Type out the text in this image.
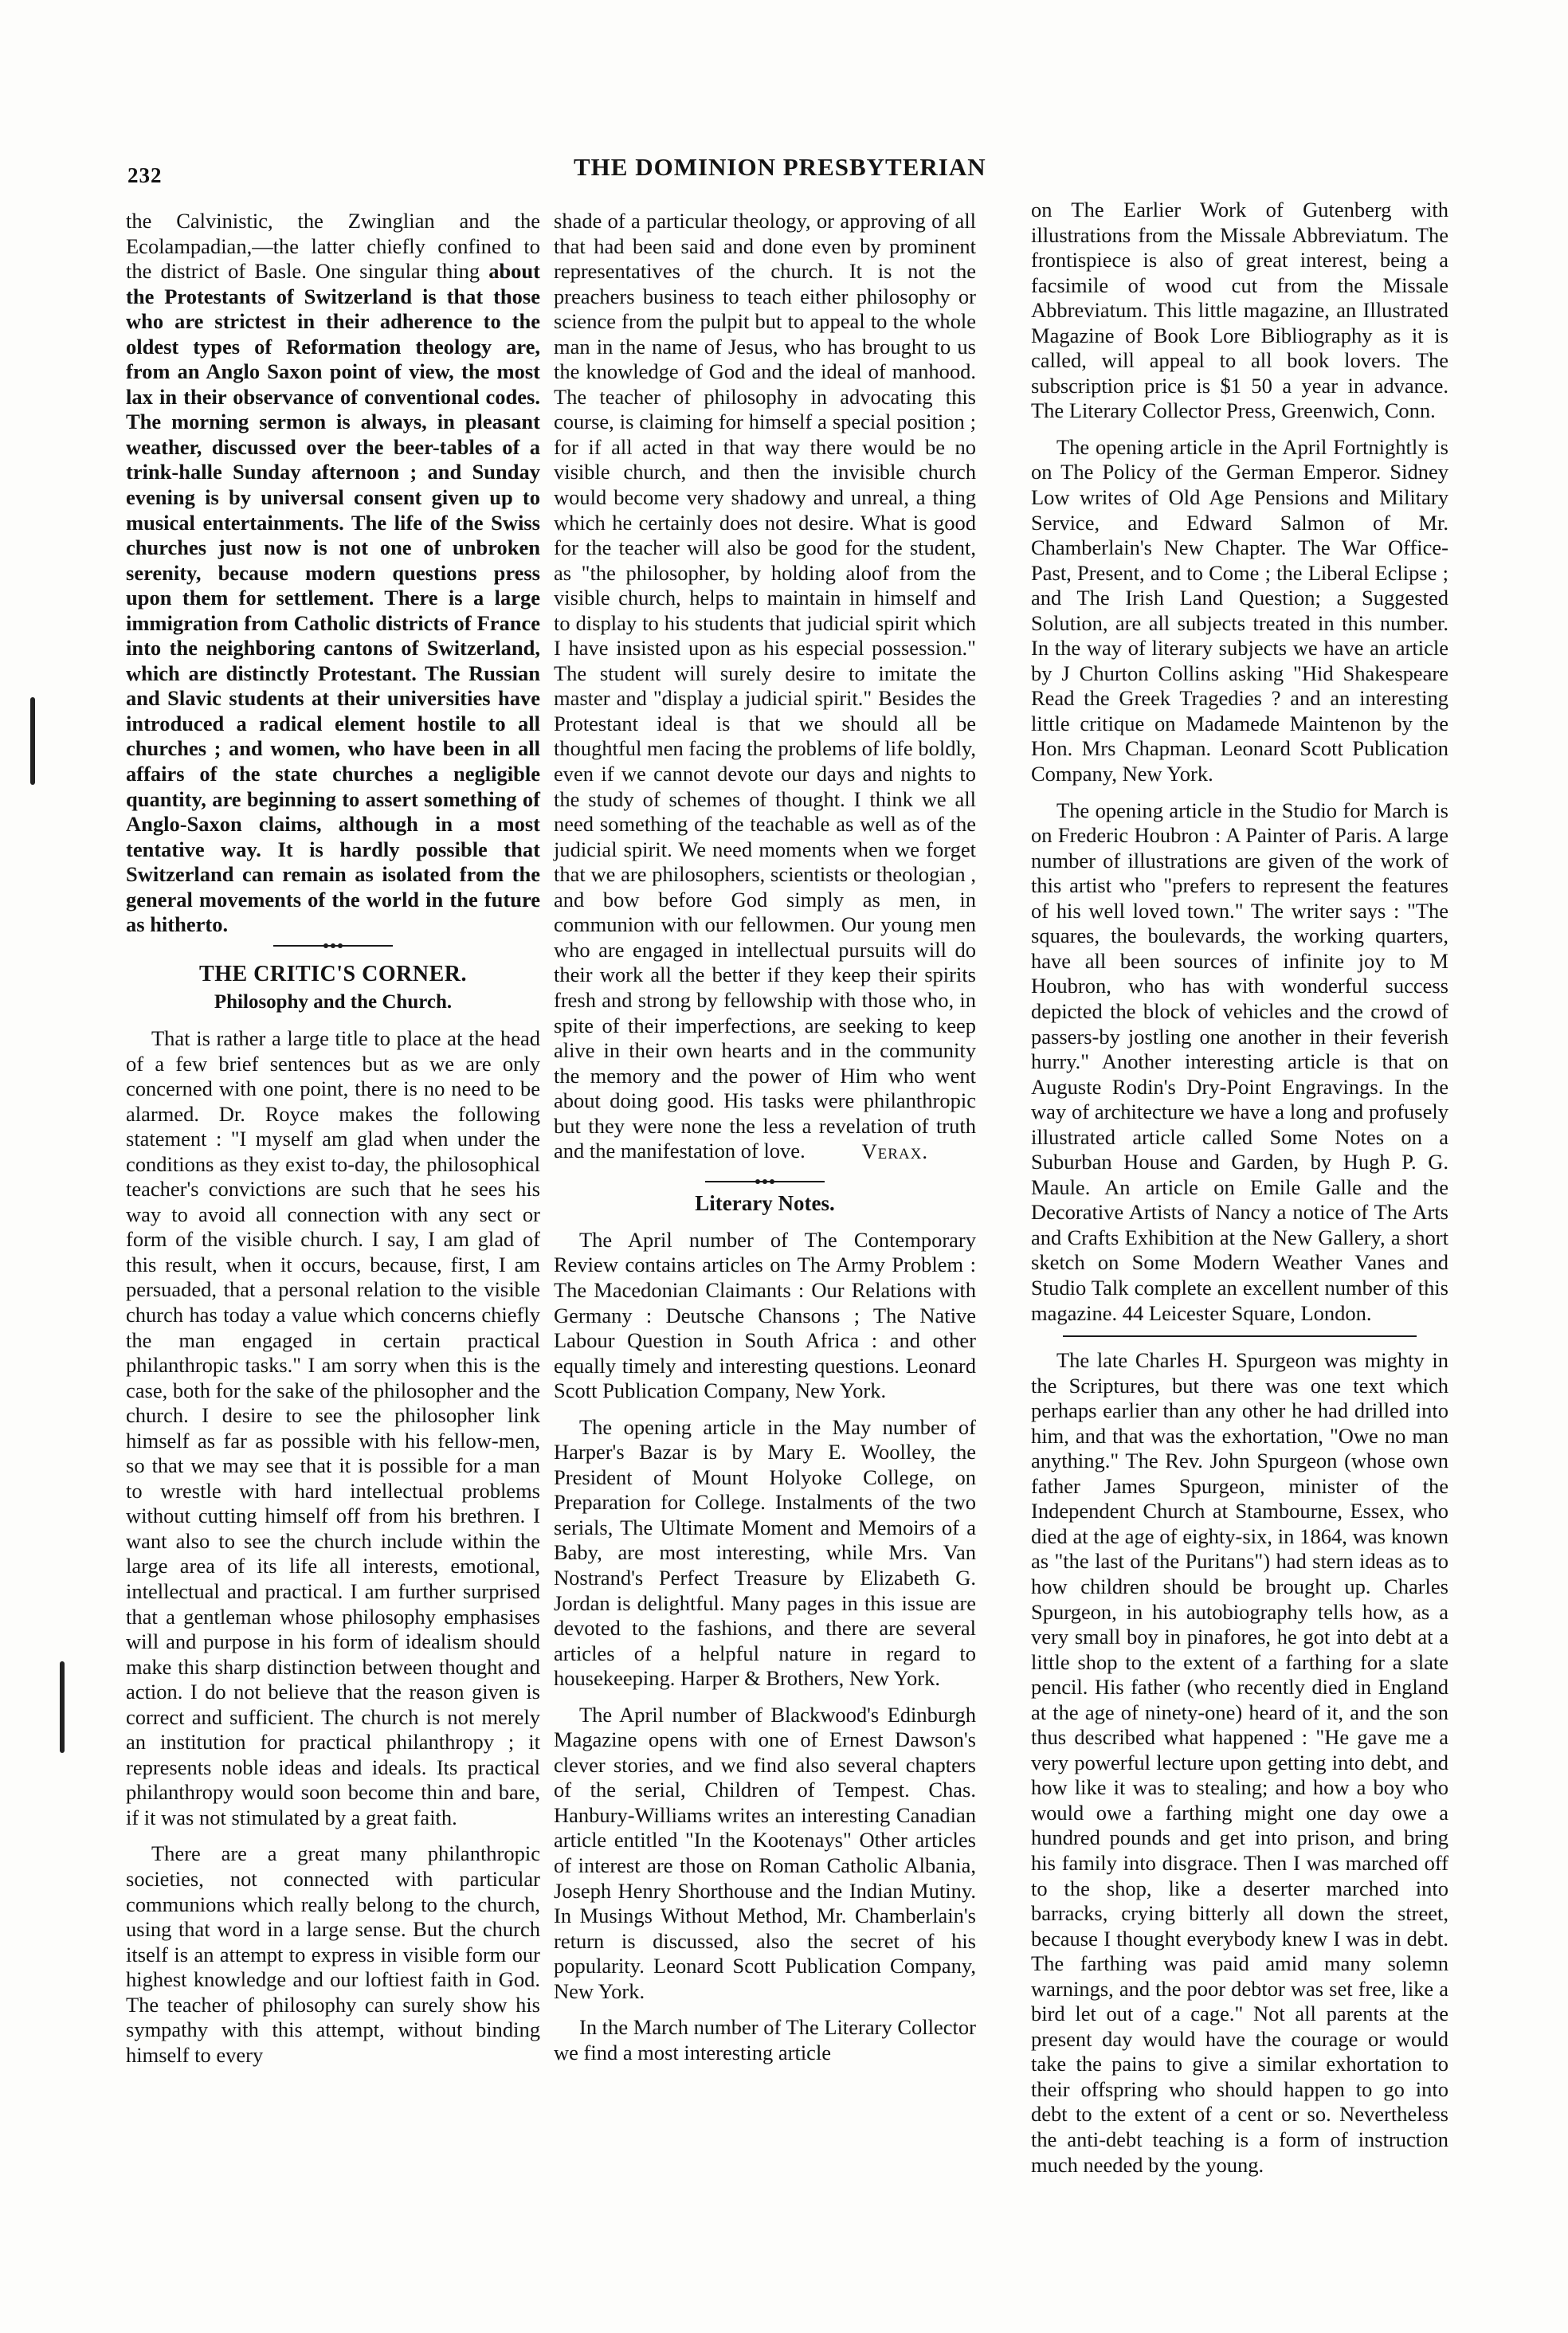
232	THE DOMINION PRESBYTERIAN

the Calvinistic, the Zwinglian and the Ecolampadian,—the latter chiefly confined to the district of Basle. One singular thing about the Protestants of Switzerland is that those who are strictest in their adherence to the oldest types of Reformation theology are, from an Anglo Saxon point of view, the most lax in their observance of conventional codes. The morning sermon is always, in pleasant weather, discussed over the beer-tables of a trink-halle Sunday afternoon ; and Sunday evening is by universal consent given up to musical entertainments. The life of the Swiss churches just now is not one of unbroken serenity, because modern questions press upon them for settlement. There is a large immigration from Catholic districts of France into the neighboring cantons of Switzerland, which are distinctly Protestant. The Russian and Slavic students at their universities have introduced a radical element hostile to all churches ; and women, who have been in all affairs of the state churches a negligible quantity, are beginning to assert something of Anglo-Saxon claims, although in a most tentative way. It is hardly possible that Switzerland can remain as isolated from the general movements of the world in the future as hitherto.

THE CRITIC'S CORNER.
Philosophy and the Church.

That is rather a large title to place at the head of a few brief sentences but as we are only concerned with one point, there is no need to be alarmed. Dr. Royce makes the following statement : "I myself am glad when under the conditions as they exist to-day, the philosophical teacher's convictions are such that he sees his way to avoid all connection with any sect or form of the visible church. I say, I am glad of this result, when it occurs, because, first, I am persuaded, that a personal relation to the visible church has today a value which concerns chiefly the man engaged in certain practical philanthropic tasks." I am sorry when this is the case, both for the sake of the philosopher and the church. I desire to see the philosopher link himself as far as possible with his fellow-men, so that we may see that it is possible for a man to wrestle with hard intellectual problems without cutting himself off from his brethren. I want also to see the church include within the large area of its life all interests, emotional, intellectual and practical. I am further surprised that a gentleman whose philosophy emphasises will and purpose in his form of idealism should make this sharp distinction between thought and action. I do not believe that the reason given is correct and sufficient. The church is not merely an institution for practical philanthropy ; it represents noble ideas and ideals. Its practical philanthropy would soon become thin and bare, if it was not stimulated by a great faith.

There are a great many philanthropic societies, not connected with particular communions which really belong to the church, using that word in a large sense. But the church itself is an attempt to express in visible form our highest knowledge and our loftiest faith in God. The teacher of philosophy can surely show his sympathy with this attempt, without binding himself to every

shade of a particular theology, or approving of all that had been said and done even by prominent representatives of the church. It is not the preachers business to teach either philosophy or science from the pulpit but to appeal to the whole man in the name of Jesus, who has brought to us the knowledge of God and the ideal of manhood. The teacher of philosophy in advocating this course, is claiming for himself a special position ; for if all acted in that way there would be no visible church, and then the invisible church would become very shadowy and unreal, a thing which he certainly does not desire. What is good for the teacher will also be good for the student, as "the philosopher, by holding aloof from the visible church, helps to maintain in himself and to display to his students that judicial spirit which I have insisted upon as his especial possession." The student will surely desire to imitate the master and "display a judicial spirit." Besides the Protestant ideal is that we should all be thoughtful men facing the problems of life boldly, even if we cannot devote our days and nights to the study of schemes of thought. I think we all need something of the teachable as well as of the judicial spirit. We need moments when we forget that we are philosophers, scientists or theologian , and bow before God simply as men, in communion with our fellowmen. Our young men who are engaged in intellectual pursuits will do their work all the better if they keep their spirits fresh and strong by fellowship with those who, in spite of their imperfections, are seeking to keep alive in their own hearts and in the community the memory and the power of Him who went about doing good. His tasks were philanthropic but they were none the less a revelation of truth and the manifestation of love.	Verax.
Literary Notes.

The April number of The Contemporary Review contains articles on The Army Problem : The Macedonian Claimants : Our Relations with Germany : Deutsche Chansons ; The Native Labour Question in South Africa : and other equally timely and interesting questions. Leonard Scott Publication Company, New York.

The opening article in the May number of Harper's Bazar is by Mary E. Woolley, the President of Mount Holyoke College, on Preparation for College. Instalments of the two serials, The Ultimate Moment and Memoirs of a Baby, are most interesting, while Mrs. Van Nostrand's Perfect Treasure by Elizabeth G. Jordan is delightful. Many pages in this issue are devoted to the fashions, and there are several articles of a helpful nature in regard to housekeeping. Harper & Brothers, New York.

The April number of Blackwood's Edinburgh Magazine opens with one of Ernest Dawson's clever stories, and we find also several chapters of the serial, Children of Tempest. Chas. Hanbury-Williams writes an interesting Canadian article entitled "In the Kootenays" Other articles of interest are those on Roman Catholic Albania, Joseph Henry Shorthouse and the Indian Mutiny. In Musings Without Method, Mr. Chamberlain's return is discussed, also the secret of his popularity. Leonard Scott Publication Company, New York.

In the March number of The Literary Collector we find a most interesting article

on The Earlier Work of Gutenberg with illustrations from the Missale Abbreviatum. The frontispiece is also of great interest, being a facsimile of wood cut from the Missale Abbreviatum. This little magazine, an Illustrated Magazine of Book Lore Bibliography as it is called, will appeal to all book lovers. The subscription price is $1 50 a year in advance. The Literary Collector Press, Greenwich, Conn.

The opening article in the April Fortnightly is on The Policy of the German Emperor. Sidney Low writes of Old Age Pensions and Military Service, and Edward Salmon of Mr. Chamberlain's New Chapter. The War Office-Past, Present, and to Come ; the Liberal Eclipse ; and The Irish Land Question; a Suggested Solution, are all subjects treated in this number. In the way of literary subjects we have an article by J Churton Collins asking "Hid Shakespeare Read the Greek Tragedies ? and an interesting little critique on Madamede Maintenon by the Hon. Mrs Chapman. Leonard Scott Publication Company, New York.

The opening article in the Studio for March is on Frederic Houbron : A Painter of Paris. A large number of illustrations are given of the work of this artist who "prefers to represent the features of his well loved town." The writer says : "The squares, the boulevards, the working quarters, have all been sources of infinite joy to M Houbron, who has with wonderful success depicted the block of vehicles and the crowd of passers-by jostling one another in their feverish hurry." Another interesting article is that on Auguste Rodin's Dry-Point Engravings. In the way of architecture we have a long and profusely illustrated article called Some Notes on a Suburban House and Garden, by Hugh P. G. Maule. An article on Emile Galle and the Decorative Artists of Nancy a notice of The Arts and Crafts Exhibition at the New Gallery, a short sketch on Some Modern Weather Vanes and Studio Talk complete an excellent number of this magazine. 44 Leicester Square, London.

The late Charles H. Spurgeon was mighty in the Scriptures, but there was one text which perhaps earlier than any other he had drilled into him, and that was the exhortation, "Owe no man anything." The Rev. John Spurgeon (whose own father James Spurgeon, minister of the Independent Church at Stambourne, Essex, who died at the age of eighty-six, in 1864, was known as "the last of the Puritans") had stern ideas as to how children should be brought up. Charles Spurgeon, in his autobiography tells how, as a very small boy in pinafores, he got into debt at a little shop to the extent of a farthing for a slate pencil. His father (who recently died in England at the age of ninety-one) heard of it, and the son thus described what happened : "He gave me a very powerful lecture upon getting into debt, and how like it was to stealing; and how a boy who would owe a farthing might one day owe a hundred pounds and get into prison, and bring his family into disgrace. Then I was marched off to the shop, like a deserter marched into barracks, crying bitterly all down the street, because I thought everybody knew I was in debt. The farthing was paid amid many solemn warnings, and the poor debtor was set free, like a bird let out of a cage." Not all parents at the present day would have the courage or would take the pains to give a similar exhortation to their offspring who should happen to go into debt to the extent of a cent or so. Nevertheless the anti-debt teaching is a form of instruction much needed by the young.
